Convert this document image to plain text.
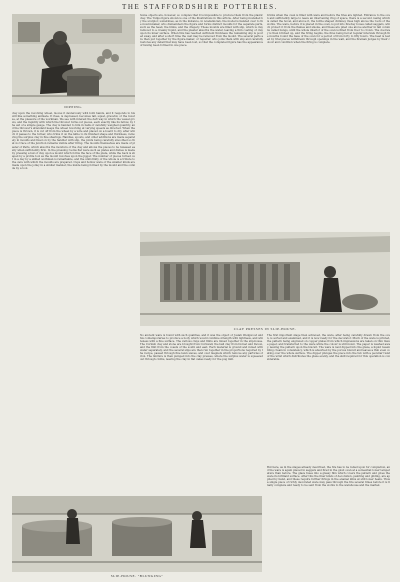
THE STAFFORDSHIRE POTTERIES.
DIPPING.
clay upon the revolving wheel, moves it dexterously with both hands, and it responds to his will like something animate. It rises, is depressed, becomes tall, squat, graceful, or the reverse, at the pleasure of the workman. We see with interest the deft way in which the vessel grows, and the rapidity with which the thrower turns out pieces, each exactly like its fellow, by the aid of a simple gauge. The clay is handed to him in balls of carefully weighed quantity, and the thrower's attendant keeps the wheel revolving at varying speeds as directed. When the piece is thrown, it is cut off from the wheel by a wire and placed on a board to dry, after which it passes to the turner, who trims it on the lathe to its finished shape and thickness, removing the surplus clay in fine shavings. Handles, spouts, and other additions are made separately in moulds and fixed on by the handler with slip, the joints being carefully smoothed so that no trace of the junction remains visible after firing. The moulds themselves are made of plaster of Paris, which absorbs the moisture of the clay and allows the pieces to be released easily when sufficiently firm. In the pressing rooms flat ware such as plates and dishes is made by pressing a bat of clay upon a mould which forms the face of the plate, while the back is shaped by a profile tool as the mould revolves upon the jigger. The number of pieces turned out in a day by a skilled workman is remarkable, and the uniformity of the whole is a tribute to the care with which the moulds are prepared. Cups and hollow ware of the smaller kinds are made upon the jolley in a similar manner, the inside being formed by the mould and the outside by a tool.
SLIP-HOUSE. "BLUNGING"
Some objects are, however, so complex that it is impossible to produce them from the plastic clay. The Tulips figure shown is one of the illustrations in this article. After being modelled by the sculptor, sometimes, as in the instance, in Academician, the model is handed over to the mould-maker, who dismembers the figure and forms distinct moulds for the separate parts, such as the head, the limbs, and the drapery. These moulds are filled with slip, which is clay reduced to a creamy liquid, and the plaster absorbs the water, leaving a thin coating of clay upon its inner surface. When this has reached sufficient thickness the remaining slip is poured away, and after a short time the cast may be removed from the mould. The several parts are then put together by the figure-maker, or repairer, who joins them with slip and carefully restores any detail that may have been lost, so that the completed figure has the appearance of having been formed in one piece.
CLAY PRESSES IN SLIP-HOUSE.
No ancient ware is found with such qualities, and it was the object of Josiah Wedgwood and his contemporaries to produce a body which would combine strength with lightness, and whiteness with a fine surface. The various clays and flints are mixed together in the slip-house. The Cornish clay and stone are brought from Cornwall, the ball clay from Dorset and Devon, and the flint from the coasts of the south and east. Each material is ground and mixed with water separately, and the several slips are then run together in the proportions required by the recipe, passed through fine lawn sieves, and over magnets which remove any particles of iron. The mixture is then pumped into the clay presses, where the surplus water is squeezed out through cloths, leaving the clay in flat cakes ready for the pug mill.
bricks when the oven is filled with ware and before the fires are lighted. Entrance to the oven and sufficiently large to leave an intervening ring of space, there is a second casing which is called the hovel, and above it, the bottle shaped chimney rises high above the roofs of the works. The ware, before it is placed in the oven, is put into fireclay boxes called saggars, which protect it from the flames and smoke, and these are piled one above another in tall columns called bungs, until the whole interior of the oven is filled from floor to crown. The doorway is then bricked up, and the firing begins, the fires being fed at regular intervals through the mouths round the base of the oven for a period of from forty to fifty hours. The heat is tested by trial pieces withdrawn through openings in the wall, and the fireman judges by their colour and condition when the firing is complete.
The first important stage then achieved, the ware, after being carefully drawn from the oven, is sorted and examined, and it is now ready for the decorator. Much of the ware is printed, the pattern being engraved on copper plates from which impressions are taken on thin tissue paper, and transferred to the ware while the colour is still moist. The paper is washed away, leaving the pattern upon the biscuit. The ware is next dipped into the glaze, a liquid resembling cream in consistency, which is absorbed by the porous biscuit and leaves a thin even coating over the whole surface. The dipper plunges the piece into the tub with a peculiar twist of the wrist which distributes the glaze evenly, and the skill required for this operation is considerable.
But here, as in the stages already described, the fire has to be relied upon for completion, and the ware is again placed in saggars and fired in the glost oven at a somewhat lower temperature than before. The glaze fuses into a glassy film which covers the pattern and gives the ware its brilliant surface. After this the finer kinds of decoration, painting and gilding, are applied by hand, and these require further firings in the enamel kilns at still lower heats. Thus a single piece of richly decorated ware may pass through the fire several times before it is finally complete and ready to be sent from the works to the warehouse and the market.
